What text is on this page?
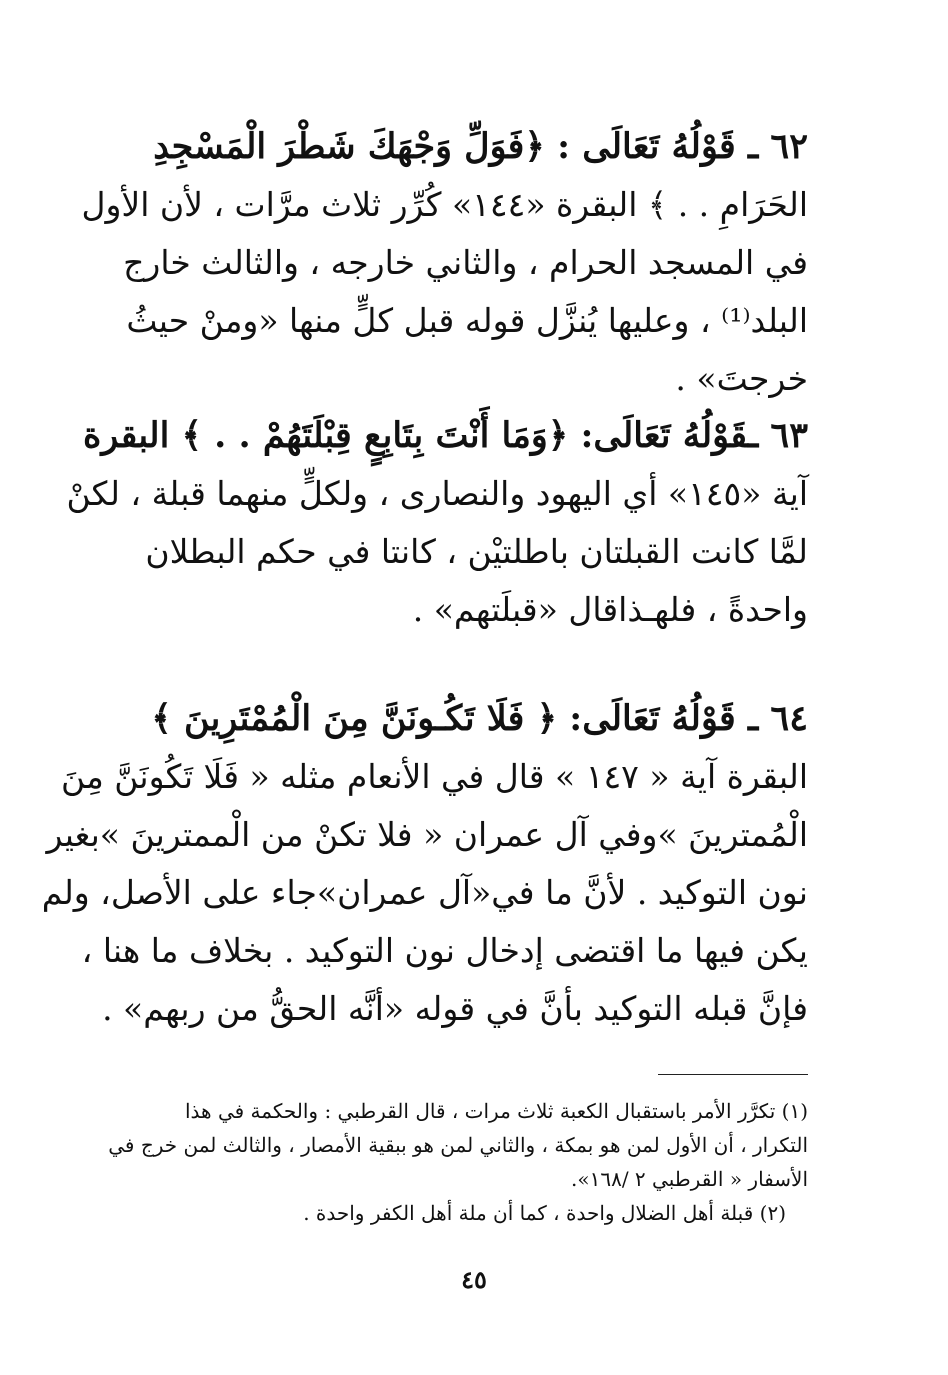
٦٢ ـ قَوْلُهُ تَعَالَى : ﴿فَوَلِّ وَجْهَكَ شَطْرَ الْمَسْجِدِ
الحَرَامِ . . ﴾ البقرة «١٤٤» كُرِّر ثلاث مرَّات ، لأن الأول
في المسجد الحرام ، والثاني خارجه ، والثالث خارج
البلد⁽¹⁾ ، وعليها يُنزَّل قوله قبل كلٍّ منها «ومنْ حيثُ
خرجتَ» .
٦٣ ـقَوْلُهُ تَعَالَى: ﴿وَمَا أَنْتَ بِتَابِعٍ قِبْلَتَهُمْ . . ﴾ البقرة
آية «١٤٥» أي اليهود والنصارى ، ولكلٍّ منهما قبلة ، لكنْ
لمَّا كانت القبلتان باطلتيْن ، كانتا في حكم البطلان
واحدةً ، فلهـذاقال «قبلَتهم» .
٦٤ ـ قَوْلُهُ تَعَالَى: ﴿ فَلَا تَكُـونَنَّ مِنَ الْمُمْتَرِينَ ﴾
البقرة آية « ١٤٧ » قال في الأنعام مثله « فَلَا تَكُونَنَّ مِنَ
الْمُمترينَ »وفي آل عمران « فلا تكنْ من الْممترينَ »بغير
نون التوكيد . لأنَّ ما في«آل عمران»جاء على الأصل، ولم
يكن فيها ما اقتضى إدخال نون التوكيد . بخلاف ما هنا ،
فإنَّ قبله التوكيد بأنَّ في قوله «أنَّه الحقُّ من ربهم» .
(١) تكرَّر الأمر باستقبال الكعبة ثلاث مرات ، قال القرطبي : والحكمة في هذا
التكرار ، أن الأول لمن هو بمكة ، والثاني لمن هو ببقية الأمصار ، والثالث لمن خرج في
الأسفار « القرطبي ٢ /١٦٨».
(٢) قبلة أهل الضلال واحدة ، كما أن ملة أهل الكفر واحدة .
٤٥
